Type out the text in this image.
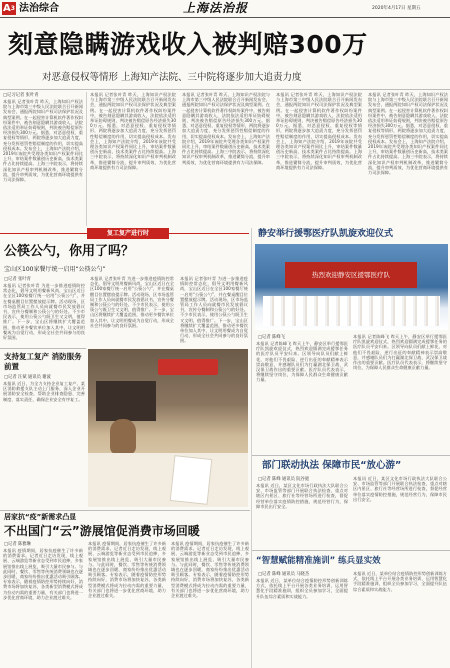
$A^3$ 法治综合	上海法治报	2020年4月17日 星期五
刻意隐瞒游戏收入被判赔300万
对恶意侵权等情形 上海知产法院、三中院将逐步加大追责力度
□记习记者 张叶青
本报讯 记者张叶青 昨天，上海知识产权法院与上海市第三中级人民法院联合召开新闻发布会，通报两院知识产权司法保护状况及典型案例。在一起侵害计算机软件著作权纠纷案件中，被告刻意隐瞒其游戏收入，法院依法适用举证妨碍规则，判决被告赔偿原告经济损失300万元。据悉，对恶意侵权、重复侵权等情形，两院将逐步加大追责力度，充分发挥惩罚性赔偿制度的作用，切实提高侵权成本。发布会上，上海知产法院介绍，2019年该院共受理各类知识产权案件同比上升，审结案件数量创历史新高，技术类案件占比持续提高。上海三中院表示，将持续深化知识产权审判机制改革，推进繁简分流，提升审判质效，为优化营商环境提供有力司法保障。
本报讯 记者张叶青 昨天，上海知识产权法院与上海市第三中级人民法院联合召开新闻发布会，通报两院知识产权司法保护状况及典型案例。在一起侵害计算机软件著作权纠纷案件中，被告刻意隐瞒其游戏收入，法院依法适用举证妨碍规则，判决被告赔偿原告经济损失300万元。据悉，对恶意侵权、重复侵权等情形，两院将逐步加大追责力度，充分发挥惩罚性赔偿制度的作用，切实提高侵权成本。发布会上，上海知产法院介绍，2019年该院共受理各类知识产权案件同比上升，审结案件数量创历史新高，技术类案件占比持续提高。上海三中院表示，将持续深化知识产权审判机制改革，推进繁简分流，提升审判质效，为优化营商环境提供有力司法保障。
本报讯 记者张叶青 昨天，上海知识产权法院与上海市第三中级人民法院联合召开新闻发布会，通报两院知识产权司法保护状况及典型案例。在一起侵害计算机软件著作权纠纷案件中，被告刻意隐瞒其游戏收入，法院依法适用举证妨碍规则，判决被告赔偿原告经济损失300万元。据悉，对恶意侵权、重复侵权等情形，两院将逐步加大追责力度，充分发挥惩罚性赔偿制度的作用，切实提高侵权成本。发布会上，上海知产法院介绍，2019年该院共受理各类知识产权案件同比上升，审结案件数量创历史新高，技术类案件占比持续提高。上海三中院表示，将持续深化知识产权审判机制改革，推进繁简分流，提升审判质效，为优化营商环境提供有力司法保障。
本报讯 记者张叶青 昨天，上海知识产权法院与上海市第三中级人民法院联合召开新闻发布会，通报两院知识产权司法保护状况及典型案例。在一起侵害计算机软件著作权纠纷案件中，被告刻意隐瞒其游戏收入，法院依法适用举证妨碍规则，判决被告赔偿原告经济损失300万元。据悉，对恶意侵权、重复侵权等情形，两院将逐步加大追责力度，充分发挥惩罚性赔偿制度的作用，切实提高侵权成本。发布会上，上海知产法院介绍，2019年该院共受理各类知识产权案件同比上升，审结案件数量创历史新高，技术类案件占比持续提高。上海三中院表示，将持续深化知识产权审判机制改革，推进繁简分流，提升审判质效，为优化营商环境提供有力司法保障。
本报讯 记者张叶青 昨天，上海知识产权法院与上海市第三中级人民法院联合召开新闻发布会，通报两院知识产权司法保护状况及典型案例。在一起侵害计算机软件著作权纠纷案件中，被告刻意隐瞒其游戏收入，法院依法适用举证妨碍规则，判决被告赔偿原告经济损失300万元。据悉，对恶意侵权、重复侵权等情形，两院将逐步加大追责力度，充分发挥惩罚性赔偿制度的作用，切实提高侵权成本。发布会上，上海知产法院介绍，2019年该院共受理各类知识产权案件同比上升，审结案件数量创历史新高，技术类案件占比持续提高。上海三中院表示，将持续深化知识产权审判机制改革，推进繁简分流，提升审判质效，为优化营商环境提供有力司法保障。
复工复产进行时
公筷公勺，你用了吗？
宝山区100家餐厅统一启用“公筷公勺”
□记者 张叶青
本报讯 记者张叶青 为进一步推进疫情防控常态化，倡导文明用餐新风尚，宝山区近日在全区100家餐厅统一启用“公筷公勺”，并在餐桌醒目位置摆放提示牌。活动现场，区市场监管局工作人员向就餐市民发放倡议书，宣传分餐制和公筷公勺的好处。不少市民表示，使用公筷公勺既卫生又文明，值得推广。下一步，宝山区将继续扩大覆盖范围，推动更多餐饮单位加入其中，让文明用餐成为自觉行动，形成全社会共同参与的良好氛围。
本报讯 记者张叶青 为进一步推进疫情防控常态化，倡导文明用餐新风尚，宝山区近日在全区100家餐厅统一启用“公筷公勺”，并在餐桌醒目位置摆放提示牌。活动现场，区市场监管局工作人员向就餐市民发放倡议书，宣传分餐制和公筷公勺的好处。不少市民表示，使用公筷公勺既卫生又文明，值得推广。下一步，宝山区将继续扩大覆盖范围，推动更多餐饮单位加入其中，让文明用餐成为自觉行动，形成全社会共同参与的良好氛围。
本报讯 记者张叶青 为进一步推进疫情防控常态化，倡导文明用餐新风尚，宝山区近日在全区100家餐厅统一启用“公筷公勺”，并在餐桌醒目位置摆放提示牌。活动现场，区市场监管局工作人员向就餐市民发放倡议书，宣传分餐制和公筷公勺的好处。不少市民表示，使用公筷公勺既卫生又文明，值得推广。下一步，宝山区将继续扩大覆盖范围，推动更多餐饮单位加入其中，让文明用餐成为自觉行动，形成全社会共同参与的良好氛围。
支持复工复产 消防服务前置
□记者 汪斌 通讯员 谢波
本报讯 近日，为全力支持企业复工复产，某区消防救援支队主动上门服务，深入企业开展消防安全检查，帮助企业排查隐患、完善制度、落实责任，确保企业安全有序复工。
居家抗“疫”新需求凸显
不出国门“云”游展馆促消费市场回暖
□记者 陈雅琳
本报讯 疫情期间，居家抗疫催生了许多新的消费需求。记者近日走访发现，线上观展、云端游览等新业态受到市民追捧，多家展馆推出线上展览，吸引大量市民参与。与此同时，餐饮、零售等传统消费领域也在逐步回暖，商家纷纷推出优惠活动吸引顾客。专家表示，随着疫情防控形势持续向好，消费市场将加快复苏，各类新型消费模式将成为拉动内需的重要力量，有关部门也将进一步优化营商环境，助力企业渡过难关。
本报讯 疫情期间，居家抗疫催生了许多新的消费需求。记者近日走访发现，线上观展、云端游览等新业态受到市民追捧，多家展馆推出线上展览，吸引大量市民参与。与此同时，餐饮、零售等传统消费领域也在逐步回暖，商家纷纷推出优惠活动吸引顾客。专家表示，随着疫情防控形势持续向好，消费市场将加快复苏，各类新型消费模式将成为拉动内需的重要力量，有关部门也将进一步优化营商环境，助力企业渡过难关。
本报讯 疫情期间，居家抗疫催生了许多新的消费需求。记者近日走访发现，线上观展、云端游览等新业态受到市民追捧，多家展馆推出线上展览，吸引大量市民参与。与此同时，餐饮、零售等传统消费领域也在逐步回暖，商家纷纷推出优惠活动吸引顾客。专家表示，随着疫情防控形势持续向好，消费市场将加快复苏，各类新型消费模式将成为拉动内需的重要力量，有关部门也将进一步优化营商环境，助力企业渡过难关。
静安举行援鄂医疗队凯旋欢迎仪式
热烈欢迎静安区援鄂医疗队
□记者 陈峰飞
本报讯 记者陈峰飞 昨天上午，静安区举行援鄂医疗队凯旋欢迎仪式，热烈欢迎圆满完成援鄂任务的医疗队员平安归来。区领导向队员们献上鲜花，对他们不畏艰险、逆行出征的奉献精神表示崇高敬意，并感谢队员们为打赢湖北保卫战、武汉保卫战作出的重要贡献。医疗队员代表表示，将继续坚守岗位，为保障人民群众生命健康贡献力量。
本报讯 记者陈峰飞 昨天上午，静安区举行援鄂医疗队凯旋欢迎仪式，热烈欢迎圆满完成援鄂任务的医疗队员平安归来。区领导向队员们献上鲜花，对他们不畏艰险、逆行出征的奉献精神表示崇高敬意，并感谢队员们为打赢湖北保卫战、武汉保卫战作出的重要贡献。医疗队员代表表示，将继续坚守岗位，为保障人民群众生命健康贡献力量。
部门联动执法 保障市民“放心游”
□记者 陈峰 通讯员 阮谷庭
本报讯 近日，某区文化市场行政执法大队联合公安、市场监管等部门开展联合执法检查，重点对辖区内景区、旅行社等经营场所进行检查，督促经营单位落实疫情防控措施，规范经营行为，保障市民出行安全。
本报讯 近日，某区文化市场行政执法大队联合公安、市场监管等部门开展联合执法检查，重点对辖区内景区、旅行社等经营场所进行检查，督促经营单位落实疫情防控措施，规范经营行为，保障市民出行安全。
“智慧赋能精准施训” 练兵显实效
□记者 陈峰 通讯员 马晓杰
本报讯 近日，某单位结合疫情防控形势创新训练方式，依托线上平台开展各类业务培训，运用智慧化手段精准施训，组织全员参加学习，全面提升队伍综合素质和实战能力。
本报讯 近日，某单位结合疫情防控形势创新训练方式，依托线上平台开展各类业务培训，运用智慧化手段精准施训，组织全员参加学习，全面提升队伍综合素质和实战能力。
